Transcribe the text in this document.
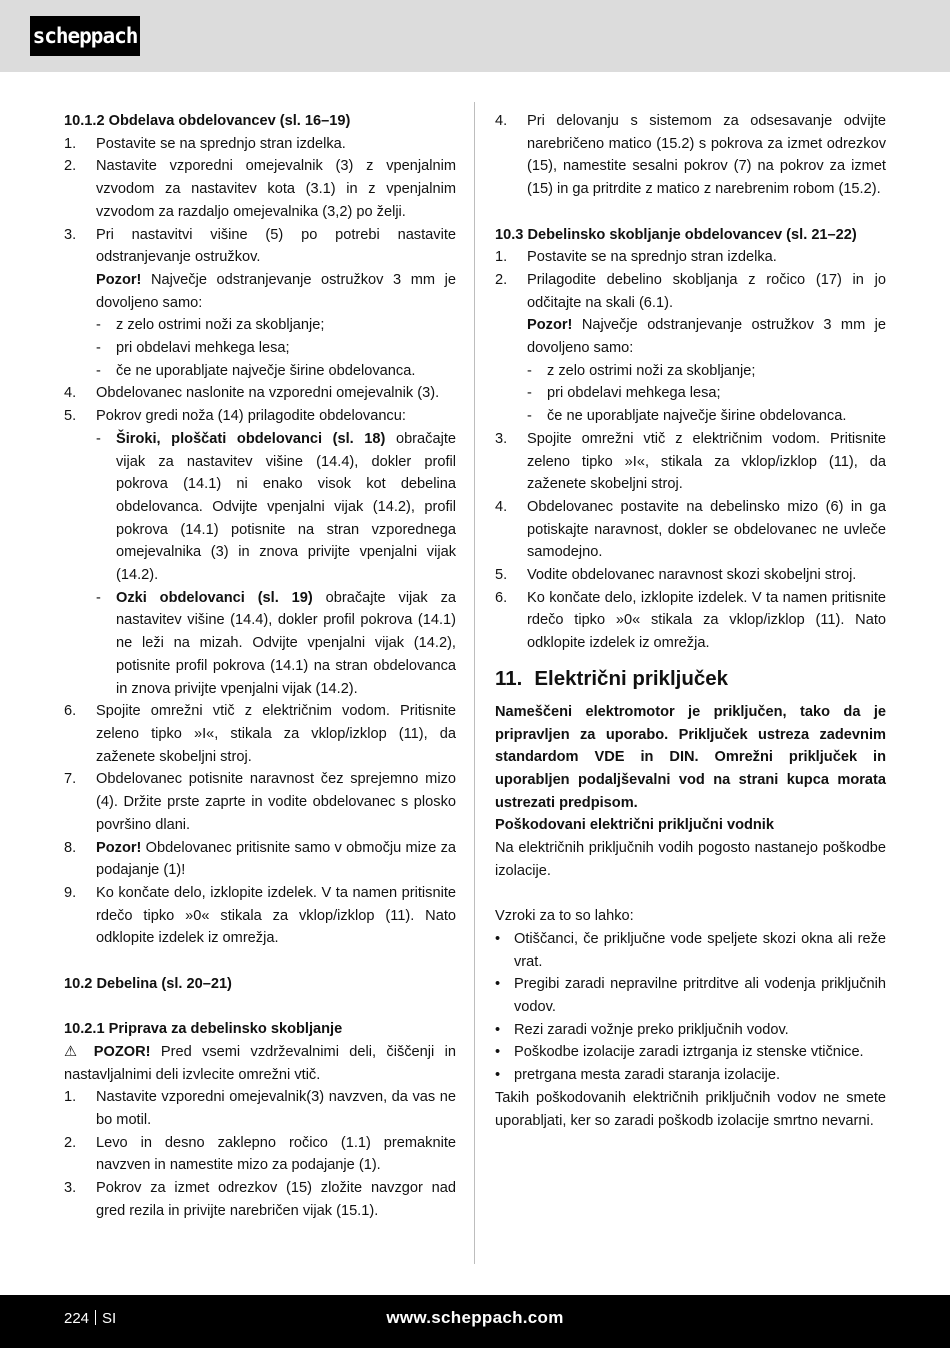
scheppach
10.1.2 Obdelava obdelovancev (sl. 16–19)
1.	Postavite se na sprednjo stran izdelka.
2.	Nastavite vzporedni omejevalnik (3) z vpenjalnim vzvodom za nastavitev kota (3.1) in z vpenjalnim vzvodom za razdaljo omejevalnika (3,2) po želji.
3.	Pri nastavitvi višine (5) po potrebi nastavite odstranjevanje ostružkov.
Pozor! Največje odstranjevanje ostružkov 3 mm je dovoljeno samo:
-	z zelo ostrimi noži za skobljanje;
-	pri obdelavi mehkega lesa;
-	če ne uporabljate največje širine obdelovanca.
4.	Obdelovanec naslonite na vzporedni omejevalnik (3).
5.	Pokrov gredi noža (14) prilagodite obdelovancu:
-	Široki, ploščati obdelovanci (sl. 18) obračajte vijak za nastavitev višine (14.4), dokler profil pokrova (14.1) ni enako visok kot debelina obdelovanca. Odvijte vpenjalni vijak (14.2), profil pokrova (14.1) potisnite na stran vzporednega omejevalnika (3) in znova privijte vpenjalni vijak (14.2).
-	Ozki obdelovanci (sl. 19) obračajte vijak za nastavitev višine (14.4), dokler profil pokrova (14.1) ne leži na mizah. Odvijte vpenjalni vijak (14.2), potisnite profil pokrova (14.1) na stran obdelovanca in znova privijte vpenjalni vijak (14.2).
6.	Spojite omrežni vtič z električnim vodom. Pritisnite zeleno tipko »I«, stikala za vklop/izklop (11), da zaženete skobeljni stroj.
7.	Obdelovanec potisnite naravnost čez sprejemno mizo (4). Držite prste zaprte in vodite obdelovanec s plosko površino dlani.
8.	Pozor! Obdelovanec pritisnite samo v območju mize za podajanje (1)!
9.	Ko končate delo, izklopite izdelek. V ta namen pritisnite rdečo tipko »0« stikala za vklop/izklop (11). Nato odklopite izdelek iz omrežja.
10.2 Debelina (sl. 20–21)
10.2.1 Priprava za debelinsko skobljanje
⚠ POZOR! Pred vsemi vzdrževalnimi deli, čiščenji in nastavljalnimi deli izvlecite omrežni vtič.
1.	Nastavite vzporedni omejevalnik(3) navzven, da vas ne bo motil.
2.	Levo in desno zaklepno ročico (1.1) premaknite navzven in namestite mizo za podajanje (1).
3.	Pokrov za izmet odrezkov (15) zložite navzgor nad gred rezila in privijte narebričen vijak (15.1).
4.	Pri delovanju s sistemom za odsesavanje odvijte narebričeno matico (15.2) s pokrova za izmet odrezkov (15), namestite sesalni pokrov (7) na pokrov za izmet (15) in ga pritrdite z matico z narebrenim robom (15.2).
10.3 Debelinsko skobljanje obdelovancev (sl. 21–22)
1.	Postavite se na sprednjo stran izdelka.
2.	Prilagodite debelino skobljanja z ročico (17) in jo odčitajte na skali (6.1).
Pozor! Največje odstranjevanje ostružkov 3 mm je dovoljeno samo:
-	z zelo ostrimi noži za skobljanje;
-	pri obdelavi mehkega lesa;
-	če ne uporabljate največje širine obdelovanca.
3.	Spojite omrežni vtič z električnim vodom. Pritisnite zeleno tipko »I«, stikala za vklop/izklop (11), da zaženete skobeljni stroj.
4.	Obdelovanec postavite na debelinsko mizo (6) in ga potiskajte naravnost, dokler se obdelovanec ne uvleče samodejno.
5.	Vodite obdelovanec naravnost skozi skobeljni stroj.
6.	Ko končate delo, izklopite izdelek. V ta namen pritisnite rdečo tipko »0« stikala za vklop/izklop (11). Nato odklopite izdelek iz omrežja.
11. Električni priključek
Nameščeni elektromotor je priključen, tako da je pripravljen za uporabo. Priključek ustreza zadevnim standardom VDE in DIN. Omrežni priključek in uporabljen podaljševalni vod na strani kupca morata ustrezati predpisom.
Poškodovani električni priključni vodnik
Na električnih priključnih vodih pogosto nastanejo poškodbe izolacije.
Vzroki za to so lahko:
• Otiščanci, če priključne vode speljete skozi okna ali reže vrat.
• Pregibi zaradi nepravilne pritrditve ali vodenja priključnih vodov.
• Rezi zaradi vožnje preko priključnih vodov.
• Poškodbe izolacije zaradi iztrganja iz stenske vtičnice.
• pretrgana mesta zaradi staranja izolacije.
Takih poškodovanih električnih priključnih vodov ne smete uporabljati, ker so zaradi poškodb izolacije smrtno nevarni.
224 SI	www.scheppach.com
